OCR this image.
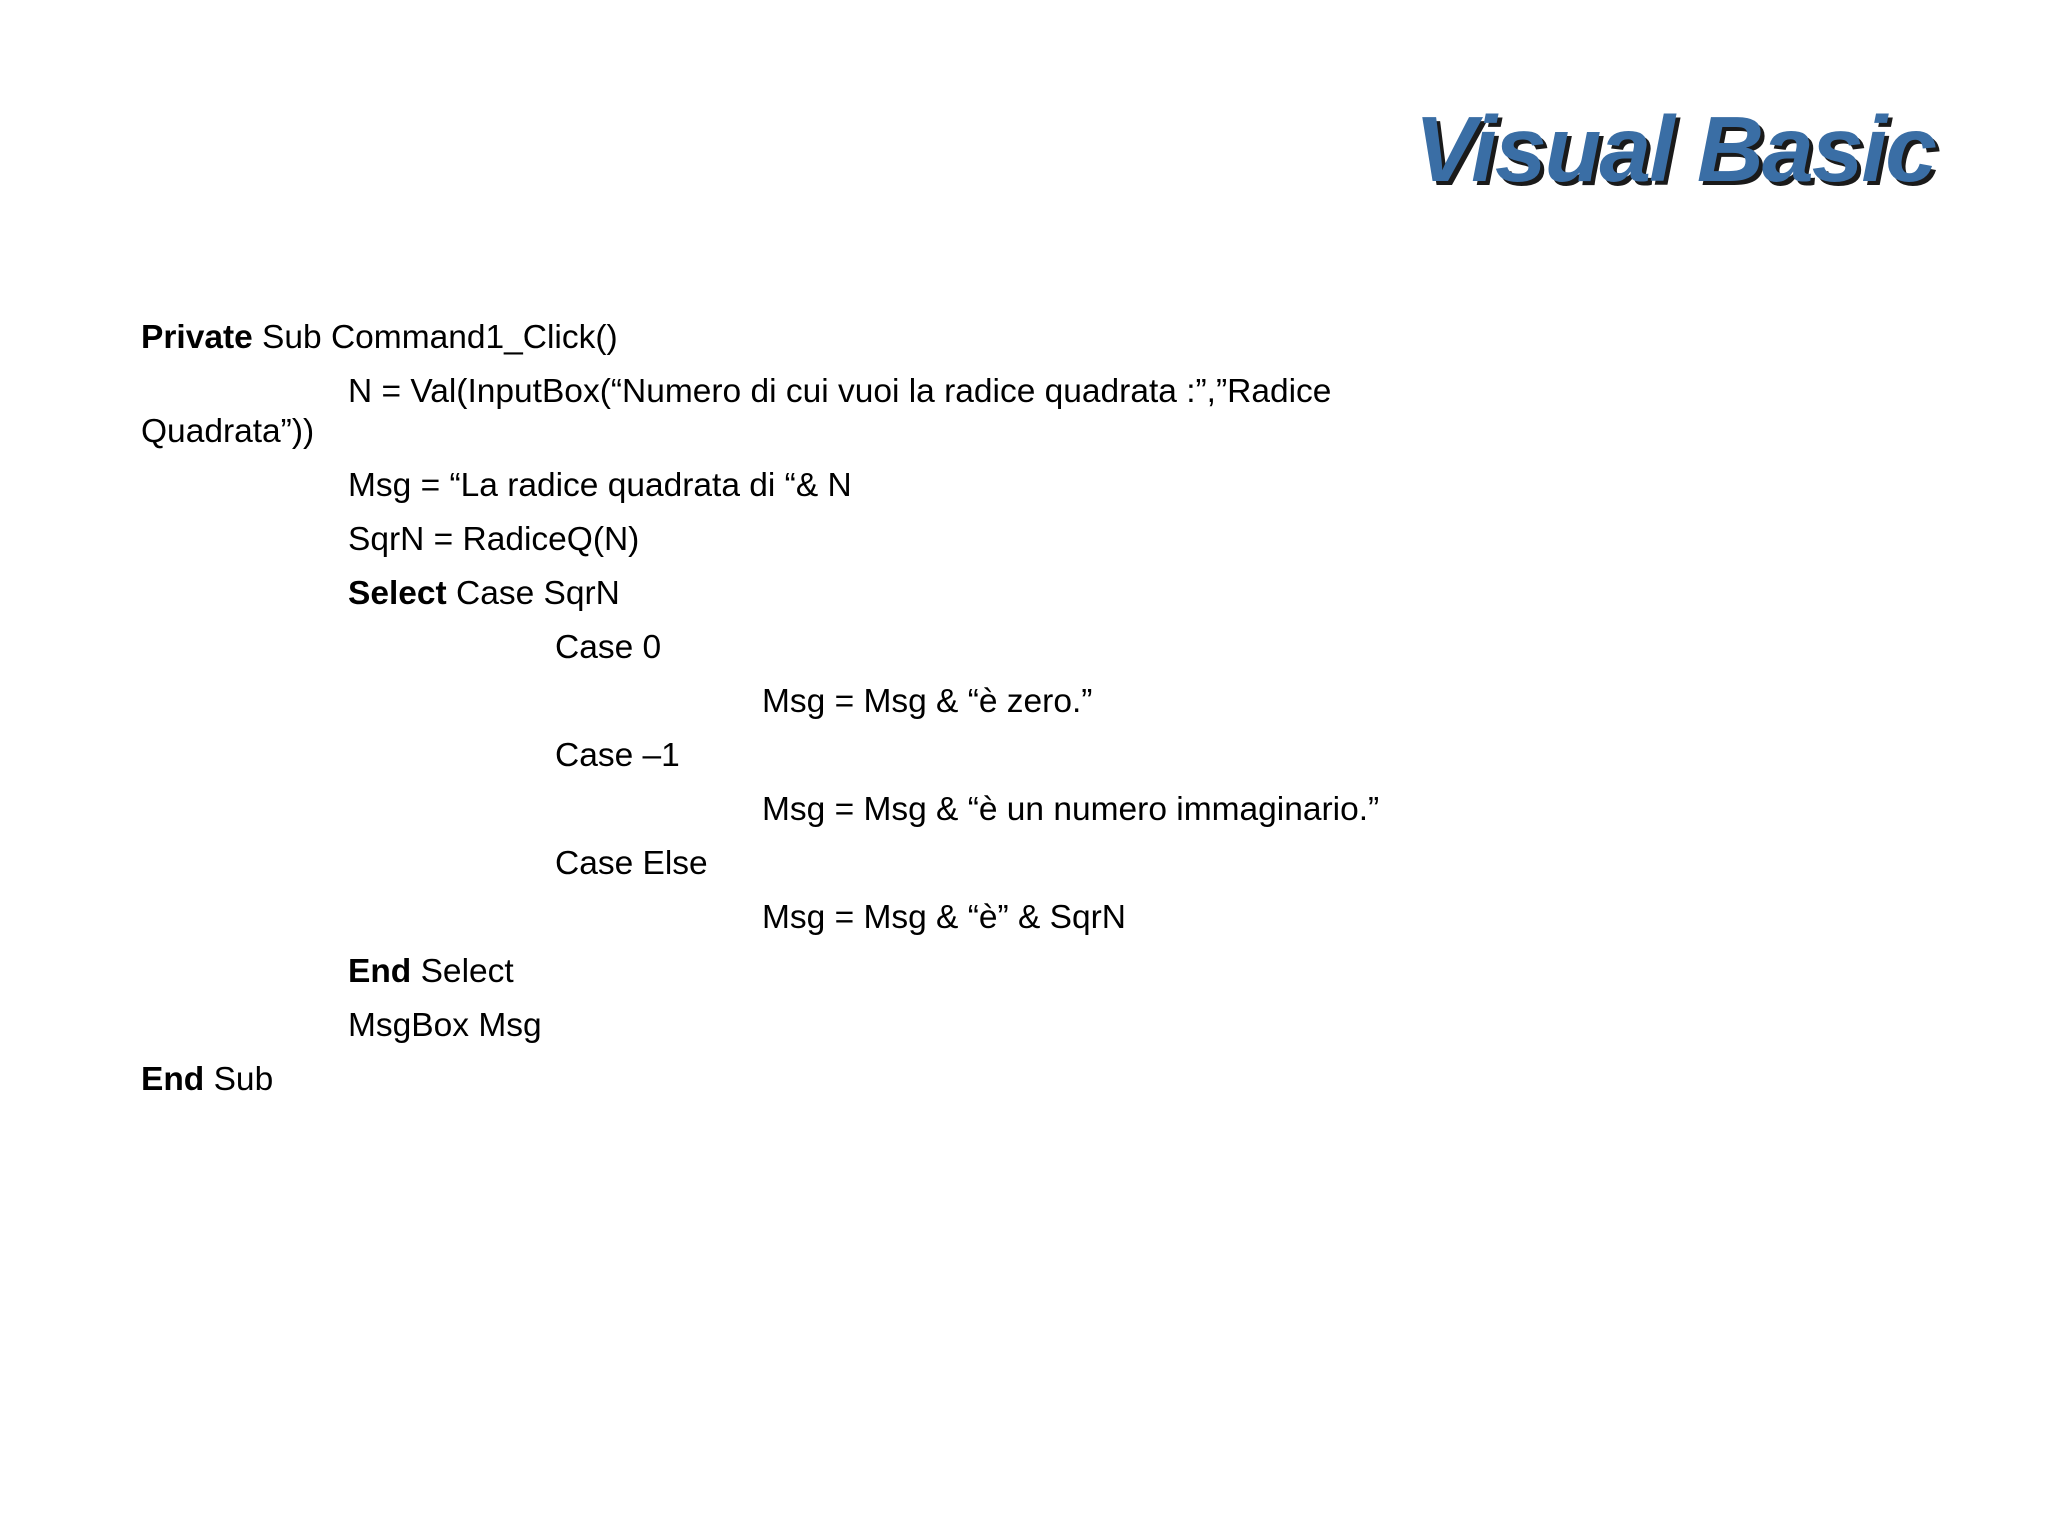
Visual Basic
Private Sub Command1_Click()
N = Val(InputBox(“Numero di cui vuoi la radice quadrata :”,”Radice
Quadrata”))
Msg = “La radice quadrata di “& N
SqrN = RadiceQ(N)
Select Case SqrN
Case 0
Msg = Msg & “è zero.”
Case –1
Msg = Msg & “è un numero immaginario.”
Case Else
Msg = Msg & “è” & SqrN
End Select
MsgBox Msg
End Sub
